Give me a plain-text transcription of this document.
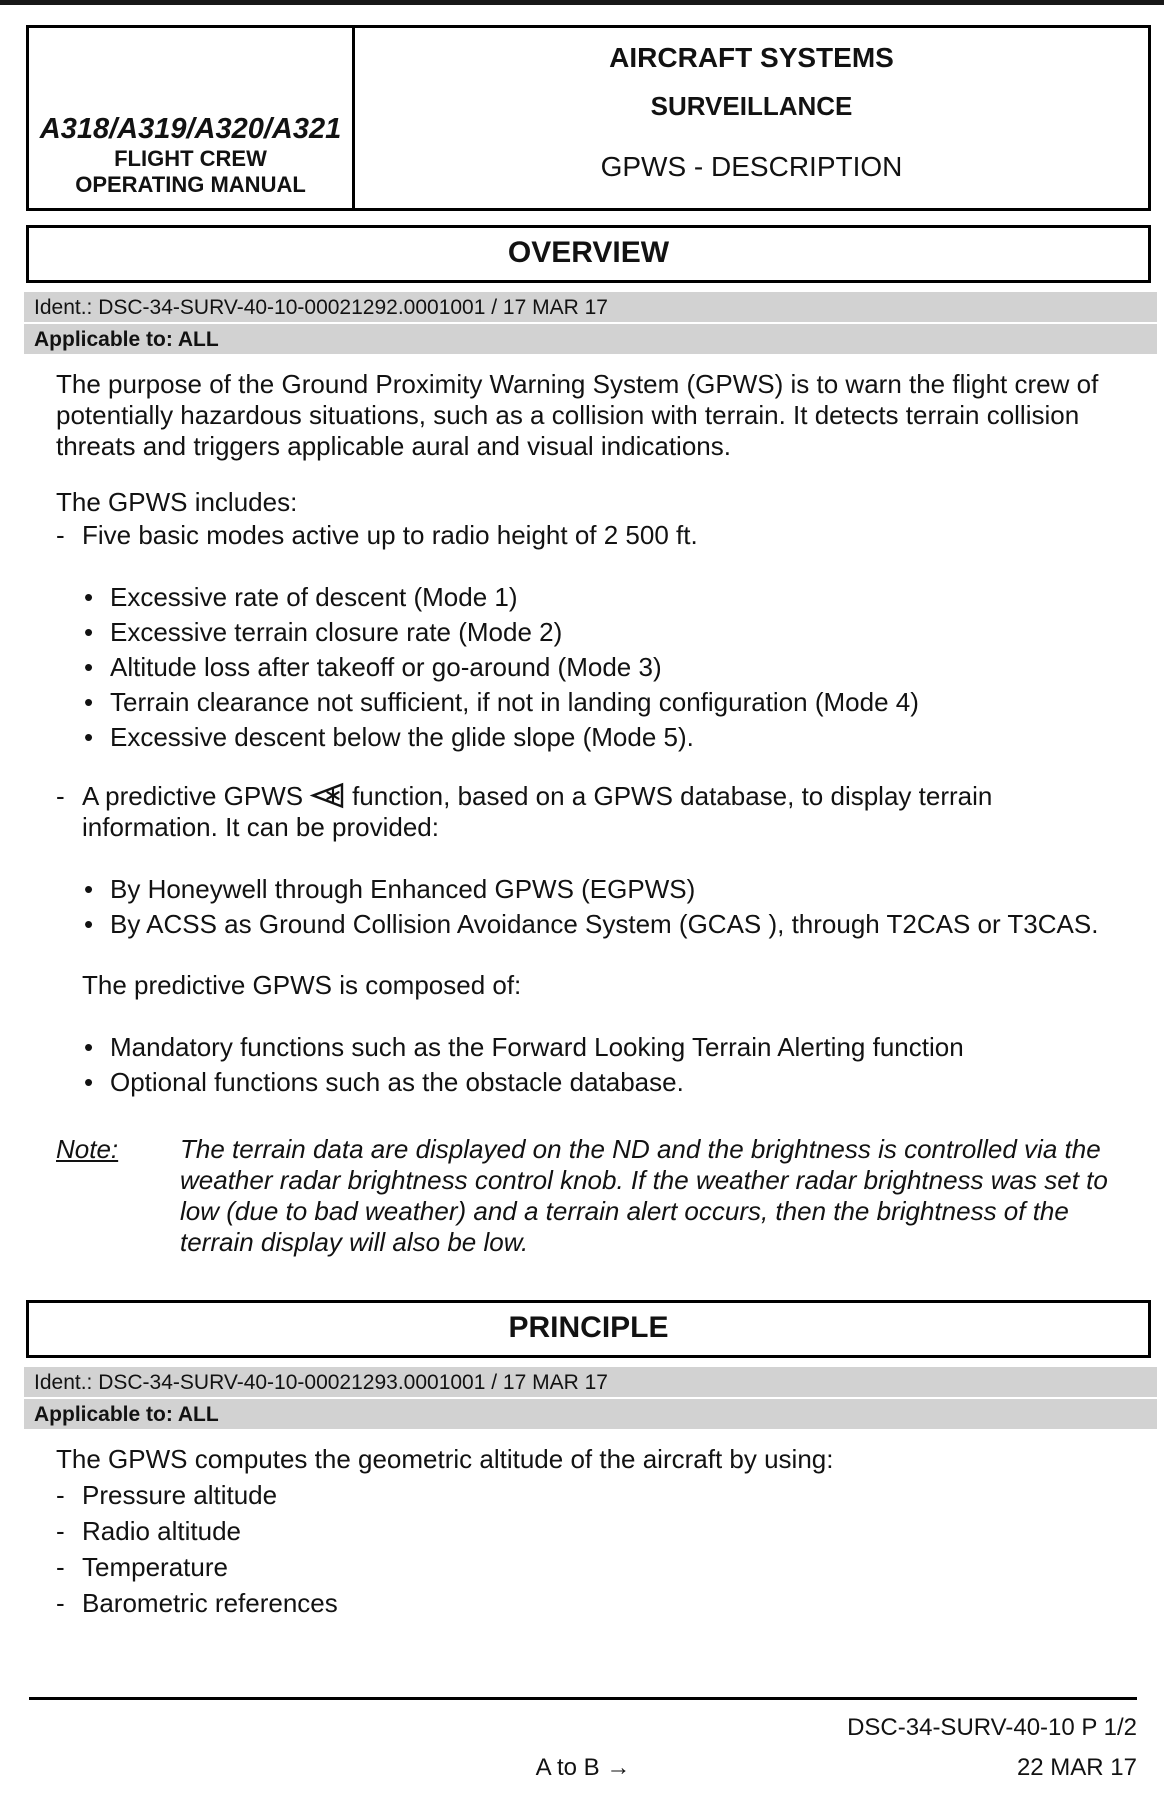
A318/A319/A320/A321
FLIGHT CREW
OPERATING MANUAL
AIRCRAFT SYSTEMS
SURVEILLANCE
GPWS - DESCRIPTION
OVERVIEW
Ident.: DSC-34-SURV-40-10-00021292.0001001 / 17 MAR 17
Applicable to: ALL

The purpose of the Ground Proximity Warning System (GPWS) is to warn the flight crew of potentially hazardous situations, such as a collision with terrain. It detects terrain collision threats and triggers applicable aural and visual indications.

The GPWS includes:
-
Five basic modes active up to radio height of 2 500 ft.
•
Excessive rate of descent (Mode 1)
•
Excessive terrain closure rate (Mode 2)
•
Altitude loss after takeoff or go-around (Mode 3)
•
Terrain clearance not sufficient, if not in landing configuration (Mode 4)
•
Excessive descent below the glide slope (Mode 5).
-
A predictive GPWS function, based on a GPWS database, to display terrain information. It can be provided:
•
By Honeywell through Enhanced GPWS (EGPWS)
•
By ACSS as Ground Collision Avoidance System (GCAS ), through T2CAS or T3CAS.
The predictive GPWS is composed of:
•
Mandatory functions such as the Forward Looking Terrain Alerting function
•
Optional functions such as the obstacle database.
Note:	The terrain data are displayed on the ND and the brightness is controlled via the weather radar brightness control knob. If the weather radar brightness was set to low (due to bad weather) and a terrain alert occurs, then the brightness of the terrain display will also be low.
PRINCIPLE
Ident.: DSC-34-SURV-40-10-00021293.0001001 / 17 MAR 17
Applicable to: ALL

The GPWS computes the geometric altitude of the aircraft by using:

-
Pressure altitude
-
Radio altitude
-
Temperature
-
Barometric references
DSC-34-SURV-40-10 P 1/2
A to B →	22 MAR 17
